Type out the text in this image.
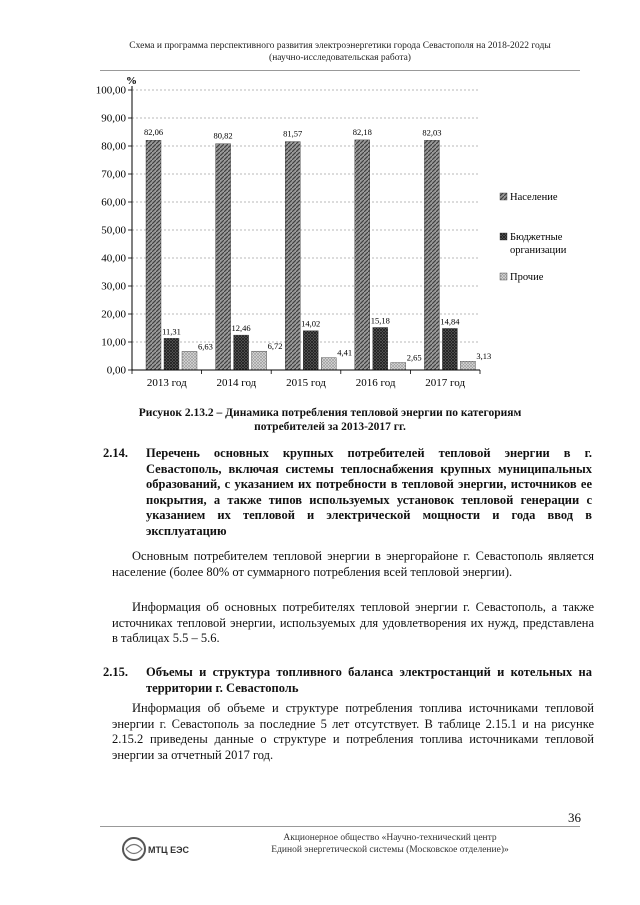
Схема и программа перспективного развития электроэнергетики города Севастополя на 2018-2022 годы
(научно-исследовательская работа)
82,06
11,31
6,63
80,82
12,46
6,72
81,57
14,02
4,41
82,18
15,18
2,65
82,03
14,84
3,13
0,00
10,00
20,00
30,00
40,00
50,00
60,00
70,00
80,00
90,00
100,00
%
2013 год	2014 год	2015 год	2016 год	2017 год
Население
Бюджетные
организации
Прочие
Рисунок 2.13.2 – Динамика потребления тепловой энергии по категориям
потребителей за 2013-2017 гг.
2.14.	Перечень основных крупных потребителей тепловой энергии в г. Севастополь, включая системы теплоснабжения крупных муниципальных образований, с указанием их потребности в тепловой энергии, источников ее покрытия, а также типов используемых установок тепловой генерации с указанием их тепловой и электрической мощности и года ввод в эксплуатацию
Основным потребителем тепловой энергии в энергорайоне г. Севастополь является население (более 80% от суммарного потребления всей тепловой энергии).
Информация об основных потребителях тепловой энергии г. Севастополь, а также источниках тепловой энергии, используемых для удовлетворения их нужд, представлена в таблицах 5.5 – 5.6.
2.15.	Объемы и структура топливного баланса электростанций и котельных на территории г. Севастополь
Информация об объеме и структуре потребления топлива источниками тепловой энергии г. Севастополь за последние 5 лет отсутствует. В таблице 2.15.1 и на рисунке 2.15.2 приведены данные о структуре и потребления топлива источниками тепловой энергии за отчетный 2017 год.
36
МТЦ ЕЭС
Акционерное общество «Научно-технический центр
Единой энергетической системы (Московское отделение)»
